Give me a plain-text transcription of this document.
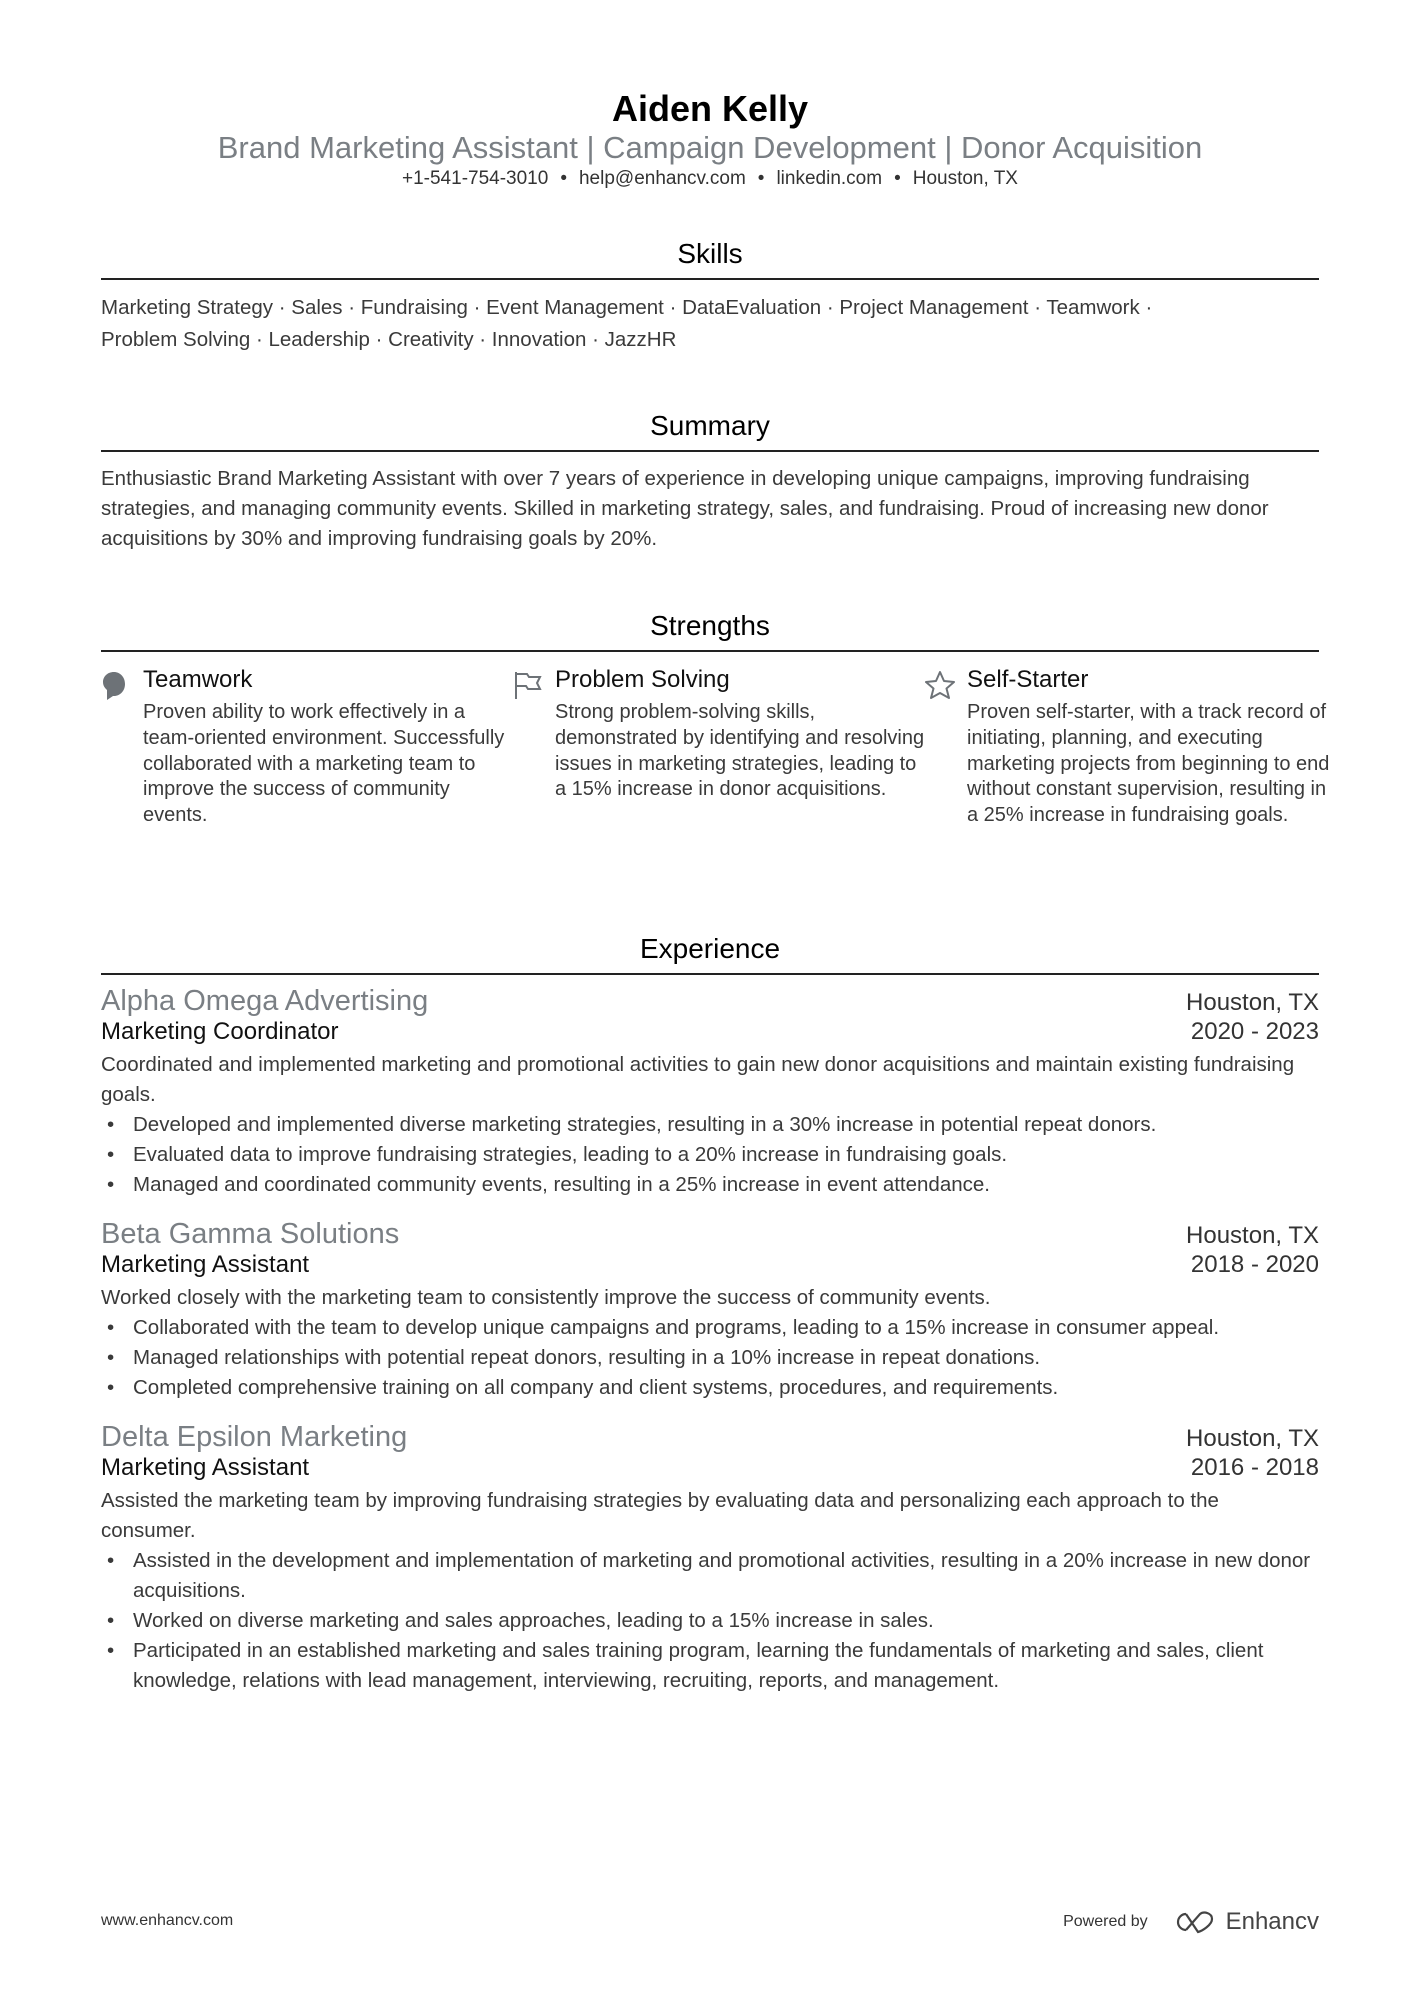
Aiden Kelly
Brand Marketing Assistant | Campaign Development | Donor Acquisition
+1-541-754-3010 • help@enhancv.com • linkedin.com • Houston, TX
Skills
Marketing Strategy · Sales · Fundraising · Event Management · DataEvaluation · Project Management · Teamwork · Problem Solving · Leadership · Creativity · Innovation · JazzHR
Summary
Enthusiastic Brand Marketing Assistant with over 7 years of experience in developing unique campaigns, improving fundraising strategies, and managing community events. Skilled in marketing strategy, sales, and fundraising. Proud of increasing new donor acquisitions by 30% and improving fundraising goals by 20%.
Strengths
Teamwork
Proven ability to work effectively in a team-oriented environment. Successfully collaborated with a marketing team to improve the success of community events.
Problem Solving
Strong problem-solving skills, demonstrated by identifying and resolving issues in marketing strategies, leading to a 15% increase in donor acquisitions.
Self-Starter
Proven self-starter, with a track record of initiating, planning, and executing marketing projects from beginning to end without constant supervision, resulting in a 25% increase in fundraising goals.
Experience
Alpha Omega Advertising	Houston, TX
Marketing Coordinator	2020 - 2023
Coordinated and implemented marketing and promotional activities to gain new donor acquisitions and maintain existing fundraising goals.
• Developed and implemented diverse marketing strategies, resulting in a 30% increase in potential repeat donors.
• Evaluated data to improve fundraising strategies, leading to a 20% increase in fundraising goals.
• Managed and coordinated community events, resulting in a 25% increase in event attendance.
Beta Gamma Solutions	Houston, TX
Marketing Assistant	2018 - 2020
Worked closely with the marketing team to consistently improve the success of community events.
• Collaborated with the team to develop unique campaigns and programs, leading to a 15% increase in consumer appeal.
• Managed relationships with potential repeat donors, resulting in a 10% increase in repeat donations.
• Completed comprehensive training on all company and client systems, procedures, and requirements.
Delta Epsilon Marketing	Houston, TX
Marketing Assistant	2016 - 2018
Assisted the marketing team by improving fundraising strategies by evaluating data and personalizing each approach to the consumer.
• Assisted in the development and implementation of marketing and promotional activities, resulting in a 20% increase in new donor acquisitions.
• Worked on diverse marketing and sales approaches, leading to a 15% increase in sales.
• Participated in an established marketing and sales training program, learning the fundamentals of marketing and sales, client knowledge, relations with lead management, interviewing, recruiting, reports, and management.
www.enhancv.com	Powered by	Enhancv
